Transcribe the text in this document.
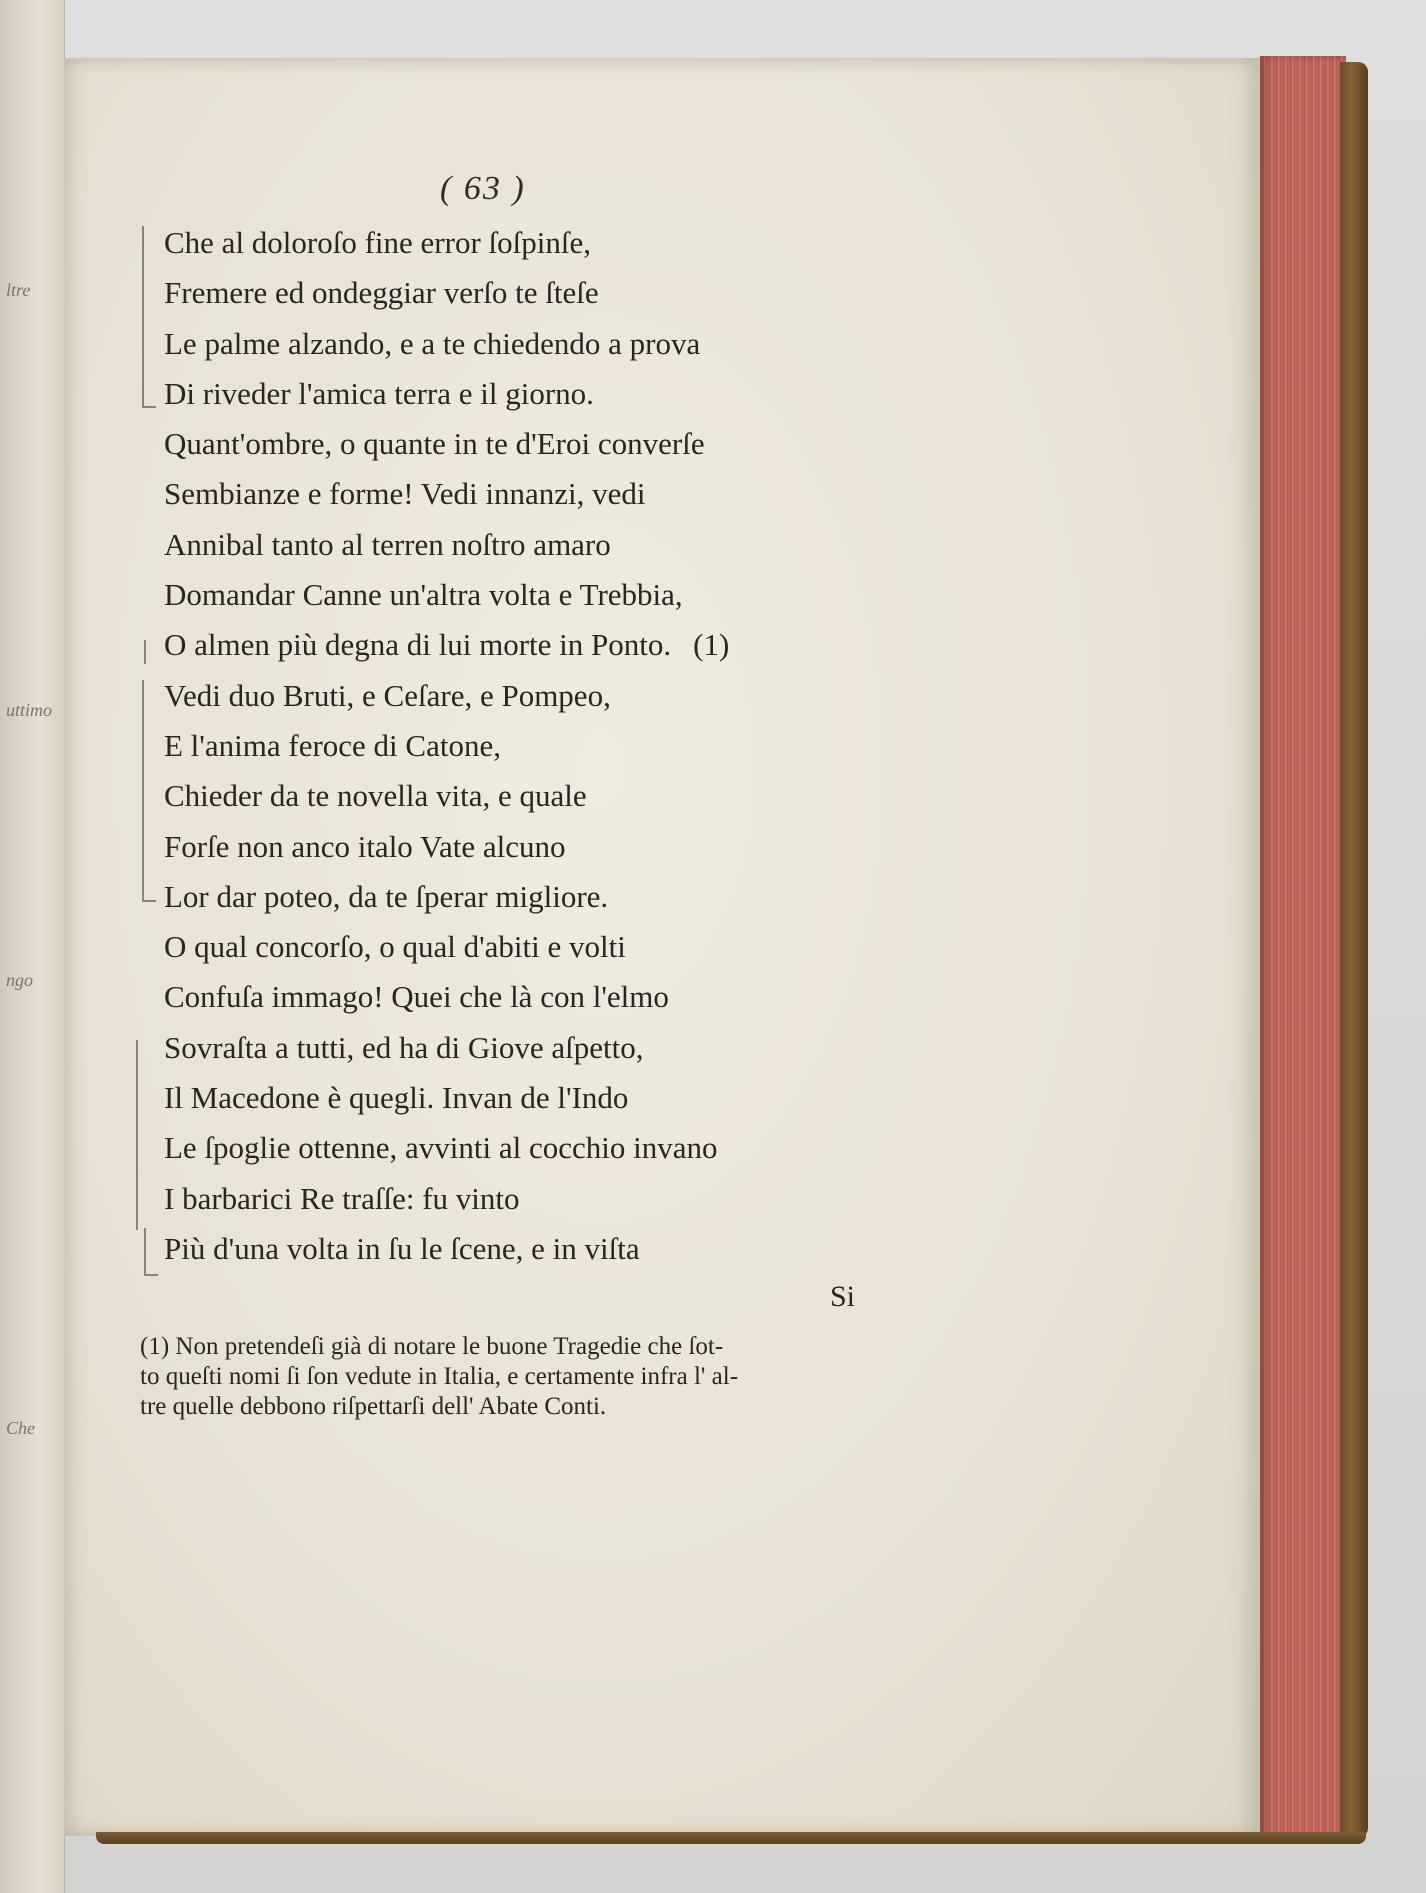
ltre
uttimo
ngo
Che
( 63 )
Che al doloroſo fine error ſoſpinſe,
Fremere ed ondeggiar verſo te ſteſe
Le palme alzando, e a te chiedendo a prova
Di riveder l'amica terra e il giorno.
Quant'ombre, o quante in te d'Eroi converſe
Sembianze e forme! Vedi innanzi, vedi
Annibal tanto al terren noſtro amaro
Domandar Canne un'altra volta e Trebbia,
O almen più degna di lui morte in Ponto. (1)
Vedi duo Bruti, e Ceſare, e Pompeo,
E l'anima feroce di Catone,
Chieder da te novella vita, e quale
Forſe non anco italo Vate alcuno
Lor dar poteo, da te ſperar migliore.
O qual concorſo, o qual d'abiti e volti
Confuſa immago! Quei che là con l'elmo
Sovraſta a tutti, ed ha di Giove aſpetto,
Il Macedone è quegli. Invan de l'Indo
Le ſpoglie ottenne, avvinti al cocchio invano
I barbarici Re traſſe: fu vinto
Più d'una volta in ſu le ſcene, e in viſta
Si
(1) Non pretendeſi già di notare le buone Tragedie che ſot-
to queſti nomi ſi ſon vedute in Italia, e certamente infra l' al-
tre quelle debbono riſpettarſi dell' Abate Conti.
